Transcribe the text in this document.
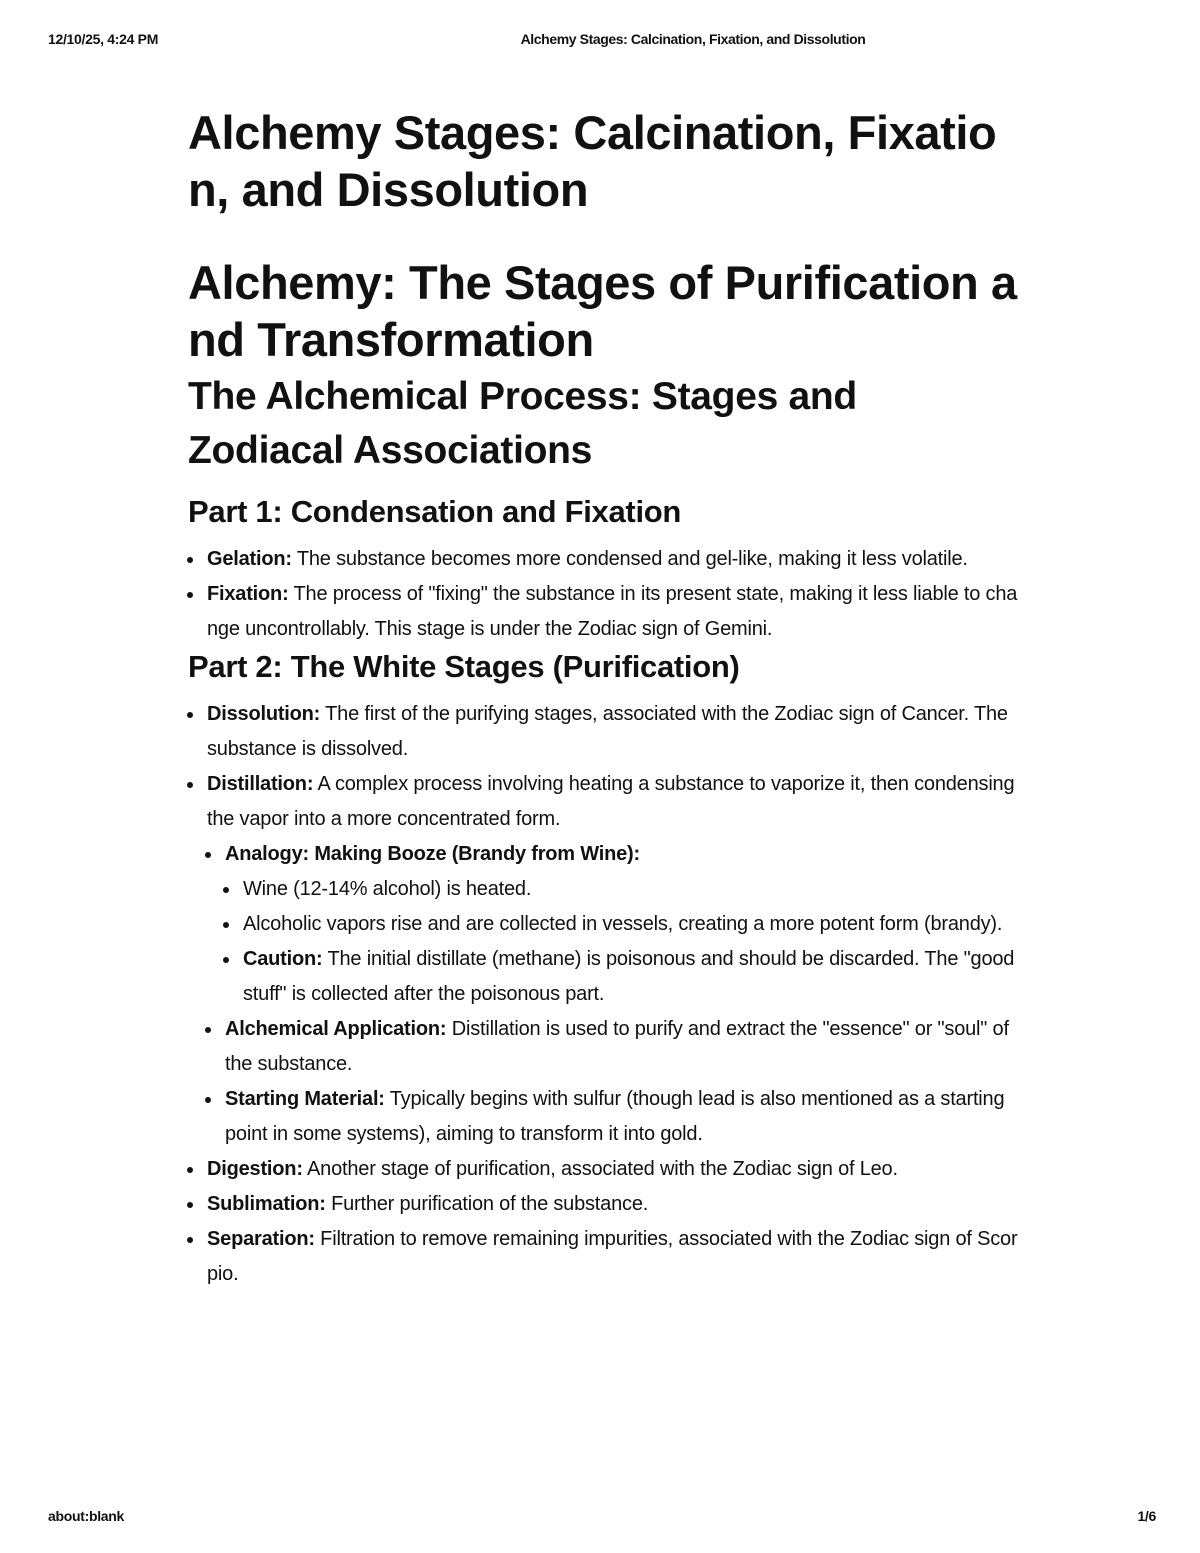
12/10/25, 4:24 PM	Alchemy Stages: Calcination, Fixation, and Dissolution
Alchemy Stages: Calcination, Fixation, and Dissolution
Alchemy: The Stages of Purification and Transformation
The Alchemical Process: Stages and Zodiacal Associations
Part 1: Condensation and Fixation
Gelation: The substance becomes more condensed and gel-like, making it less volatile.
Fixation: The process of "fixing" the substance in its present state, making it less liable to change uncontrollably. This stage is under the Zodiac sign of Gemini.
Part 2: The White Stages (Purification)
Dissolution: The first of the purifying stages, associated with the Zodiac sign of Cancer. The substance is dissolved.
Distillation: A complex process involving heating a substance to vaporize it, then condensing the vapor into a more concentrated form.
Analogy: Making Booze (Brandy from Wine):
Wine (12-14% alcohol) is heated.
Alcoholic vapors rise and are collected in vessels, creating a more potent form (brandy).
Caution: The initial distillate (methane) is poisonous and should be discarded. The "good stuff" is collected after the poisonous part.
Alchemical Application: Distillation is used to purify and extract the "essence" or "soul" of the substance.
Starting Material: Typically begins with sulfur (though lead is also mentioned as a starting point in some systems), aiming to transform it into gold.
Digestion: Another stage of purification, associated with the Zodiac sign of Leo.
Sublimation: Further purification of the substance.
Separation: Filtration to remove remaining impurities, associated with the Zodiac sign of Scorpio.
about:blank	1/6
